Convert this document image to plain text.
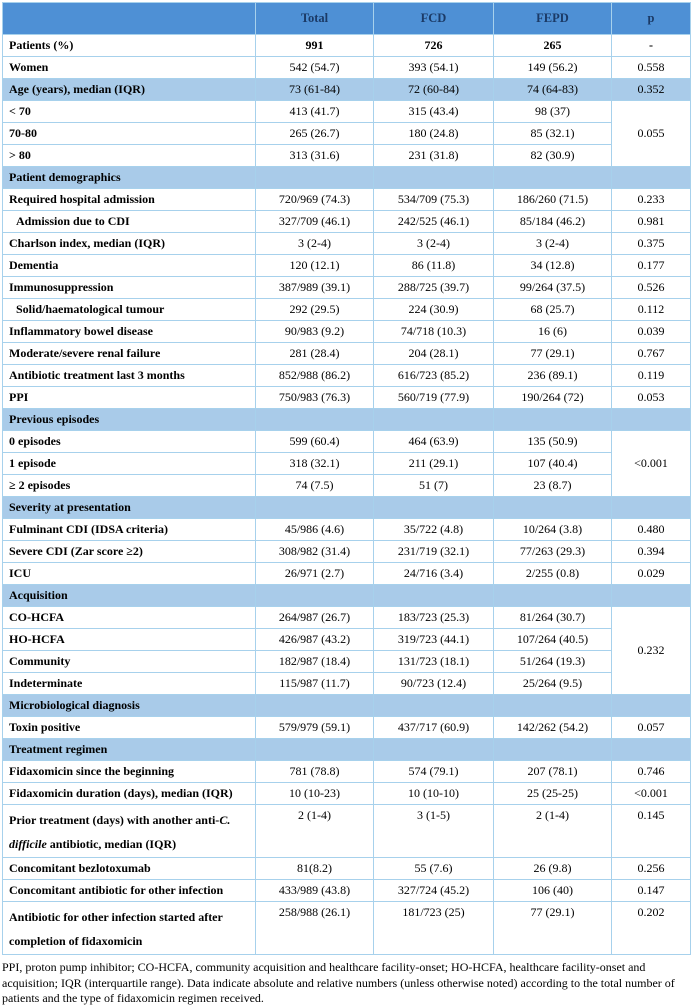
	Total	FCD	FEPD	p
Patients (%)	991	726	265	-
Women	542 (54.7)	393 (54.1)	149 (56.2)	0.558
Age (years), median (IQR)	73 (61-84)	72 (60-84)	74 (64-83)	0.352
< 70	413 (41.7)	315 (43.4)	98 (37)	0.055
70-80	265 (26.7)	180 (24.8)	85 (32.1)	
> 80	313 (31.6)	231 (31.8)	82 (30.9)	
Patient demographics				
Required hospital admission	720/969 (74.3)	534/709 (75.3)	186/260 (71.5)	0.233
Admission due to CDI	327/709 (46.1)	242/525 (46.1)	85/184 (46.2)	0.981
Charlson index, median (IQR)	3 (2-4)	3 (2-4)	3 (2-4)	0.375
Dementia	120 (12.1)	86 (11.8)	34 (12.8)	0.177
Immunosuppression	387/989 (39.1)	288/725 (39.7)	99/264 (37.5)	0.526
Solid/haematological tumour	292 (29.5)	224 (30.9)	68 (25.7)	0.112
Inflammatory bowel disease	90/983 (9.2)	74/718 (10.3)	16 (6)	0.039
Moderate/severe renal failure	281 (28.4)	204 (28.1)	77 (29.1)	0.767
Antibiotic treatment last 3 months	852/988 (86.2)	616/723 (85.2)	236 (89.1)	0.119
PPI	750/983 (76.3)	560/719 (77.9)	190/264 (72)	0.053
Previous episodes				
0 episodes	599 (60.4)	464 (63.9)	135 (50.9)	<0.001
1 episode	318 (32.1)	211 (29.1)	107 (40.4)	
≥ 2 episodes	74 (7.5)	51 (7)	23 (8.7)	
Severity at presentation				
Fulminant CDI (IDSA criteria)	45/986 (4.6)	35/722 (4.8)	10/264 (3.8)	0.480
Severe CDI (Zar score ≥2)	308/982 (31.4)	231/719 (32.1)	77/263 (29.3)	0.394
ICU	26/971 (2.7)	24/716 (3.4)	2/255 (0.8)	0.029
Acquisition				
CO-HCFA	264/987 (26.7)	183/723 (25.3)	81/264 (30.7)	0.232
HO-HCFA	426/987 (43.2)	319/723 (44.1)	107/264 (40.5)	
Community	182/987 (18.4)	131/723 (18.1)	51/264 (19.3)	
Indeterminate	115/987 (11.7)	90/723 (12.4)	25/264 (9.5)	
Microbiological diagnosis				
Toxin positive	579/979 (59.1)	437/717 (60.9)	142/262 (54.2)	0.057
Treatment regimen				
Fidaxomicin since the beginning	781 (78.8)	574 (79.1)	207 (78.1)	0.746
Fidaxomicin duration (days), median (IQR)	10 (10-23)	10 (10-10)	25 (25-25)	<0.001
Prior treatment (days) with another anti-C.
difficile antibiotic, median (IQR)	2 (1-4)	3 (1-5)	2 (1-4)	0.145
Concomitant bezlotoxumab	81(8.2)	55 (7.6)	26 (9.8)	0.256
Concomitant antibiotic for other infection	433/989 (43.8)	327/724 (45.2)	106 (40)	0.147
Antibiotic for other infection started after
completion of fidaxomicin	258/988 (26.1)	181/723 (25)	77 (29.1)	0.202

PPI, proton pump inhibitor; CO-HCFA, community acquisition and healthcare facility-onset; HO-HCFA, healthcare facility-onset and acquisition; IQR (interquartile range). Data indicate absolute and relative numbers (unless otherwise noted) according to the total number of patients and the type of fidaxomicin regimen received.
